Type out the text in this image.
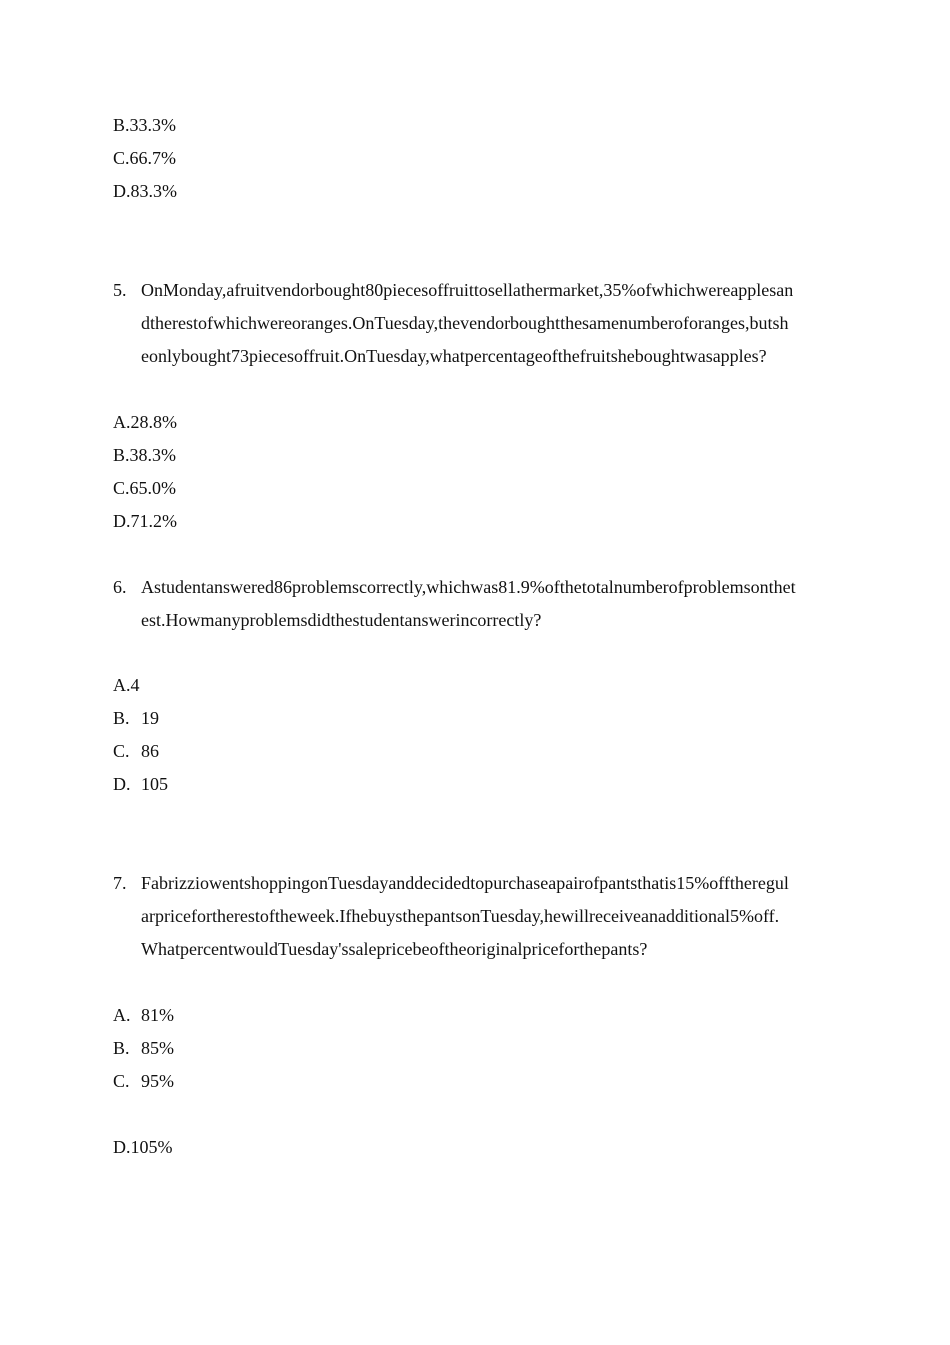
B.33.3%
C.66.7%
D.83.3%
5. OnMonday,afruitvendorbought80piecesoffruittosellathermarket,35%ofwhichwereapplesan
dtherestofwhichwereoranges.OnTuesday,thevendorboughtthesamenumberoforanges,butsh
eonlybought73piecesoffruit.OnTuesday,whatpercentageofthefruitsheboughtwasapples?
A.28.8%
B.38.3%
C.65.0%
D.71.2%
6. Astudentanswered86problemscorrectly,whichwas81.9%ofthetotalnumberofproblemsonthet
est.Howmanyproblemsdidthestudentanswerincorrectly?
A.4
B. 19
C. 86
D. 105
7. FabrizziowentshoppingonTuesdayanddecidedtopurchaseapairofpantsthatis15%offtheregul
arpricefortherestoftheweek.IfhebuysthepantsonTuesday,hewillreceiveanadditional5%off.
WhatpercentwouldTuesday'ssalepricebeoftheoriginalpriceforthepants?
A. 81%
B. 85%
C. 95%
D.105%
